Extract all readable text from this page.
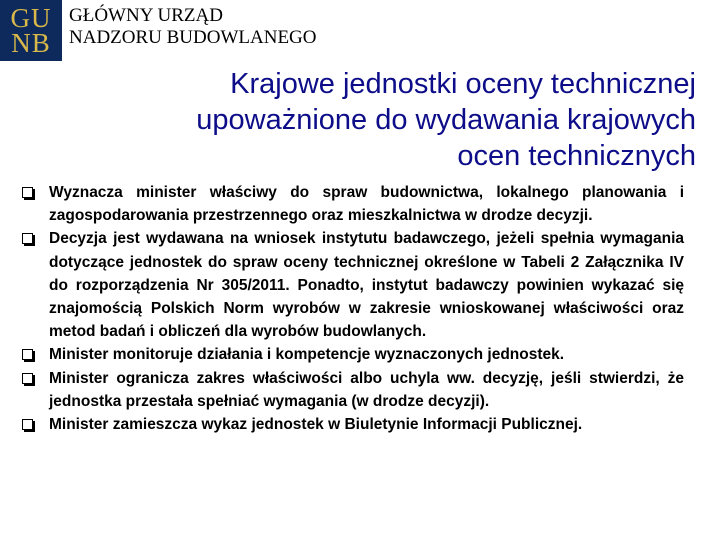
GU
NB
GŁÓWNY URZĄD
NADZORU BUDOWLANEGO
Krajowe jednostki oceny technicznej
upoważnione do wydawania krajowych
ocen technicznych
Wyznacza minister właściwy do spraw budownictwa, lokalnego planowania i zagospodarowania przestrzennego oraz mieszkalnictwa w drodze decyzji.
Decyzja jest wydawana na wniosek instytutu badawczego, jeżeli spełnia wymagania dotyczące jednostek do spraw oceny technicznej określone w Tabeli 2 Załącznika IV do rozporządzenia Nr 305/2011. Ponadto, instytut badawczy powinien wykazać się znajomością Polskich Norm wyrobów w zakresie wnioskowanej właściwości oraz metod badań i obliczeń dla wyrobów budowlanych.
Minister monitoruje działania i kompetencje wyznaczonych jednostek.
Minister ogranicza zakres właściwości albo uchyla ww. decyzję, jeśli stwierdzi, że jednostka przestała spełniać wymagania (w drodze decyzji).
Minister zamieszcza wykaz jednostek w Biuletynie Informacji Publicznej.
